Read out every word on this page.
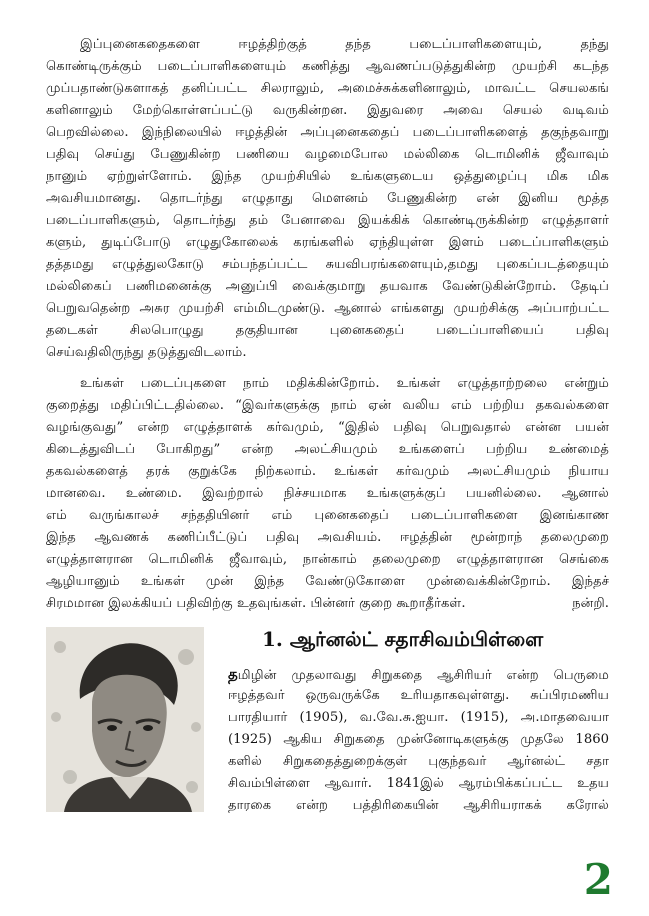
இப்புனைகதைகளை ஈழத்திற்குத் தந்த படைப்பாளிகளையும், தந்து
கொண்டிருக்கும் படைப்பாளிகளையும் கணித்து ஆவணப்படுத்துகின்ற முயற்சி கடந்த
முப்பதாண்டுகளாகத் தனிப்பட்ட சிலராலும், அமைச்சுக்களினாலும், மாவட்ட செயலகங்
களினாலும் மேற்கொள்ளப்பட்டு வருகின்றன. இதுவரை அவை செயல் வடிவம்
பெறவில்லை. இந்நிலையில் ஈழத்தின் அப்புனைகதைப் படைப்பாளிகளைத் தகுந்தவாறு
பதிவு செய்து பேணுகின்ற பணியை வழமைபோல மல்லிகை டொமினிக் ஜீவாவும்
நானும் ஏற்றுள்ளோம். இந்த முயற்சியில் உங்களுடைய ஒத்துழைப்பு மிக மிக
அவசியமானது. தொடர்ந்து எழுதாது மௌனம் பேணுகின்ற என் இனிய மூத்த
படைப்பாளிகளும், தொடர்ந்து தம் பேனாவை இயக்கிக் கொண்டிருக்கின்ற எழுத்தாளர்
களும், துடிப்போடு எழுதுகோலைக் கரங்களில் ஏந்தியுள்ள இளம் படைப்பாளிகளும்
தத்தமது எழுத்துலகோடு சம்பந்தப்பட்ட சுயவிபரங்களையும்,தமது புகைப்படத்தையும்
மல்லிகைப் பணிமனைக்கு அனுப்பி வைக்குமாறு தயவாக வேண்டுகின்றோம். தேடிப்
பெறுவதென்ற அசுர முயற்சி எம்மிடமுண்டு. ஆனால் எங்களது முயற்சிக்கு அப்பாற்பட்ட
தடைகள் சிலபொழுது தகுதியான புனைகதைப் படைப்பாளியைப் பதிவு
செய்வதிலிருந்து தடுத்துவிடலாம்.
உங்கள் படைப்புகளை நாம் மதிக்கின்றோம். உங்கள் எழுத்தாற்றலை என்றும்
குறைத்து மதிப்பிட்டதில்லை. “இவர்களுக்கு நாம் ஏன் வலிய எம் பற்றிய தகவல்களை
வழங்குவது” என்ற எழுத்தாளக் கர்வமும், “இதில் பதிவு பெறுவதால் என்ன பயன்
கிடைத்துவிடப் போகிறது” என்ற அலட்சியமும் உங்களைப் பற்றிய உண்மைத்
தகவல்களைத் தரக் குறுக்கே நிற்கலாம். உங்கள் கர்வமும் அலட்சியமும் நியாய
மானவை. உண்மை. இவற்றால் நிச்சயமாக உங்களுக்குப் பயனில்லை. ஆனால்
எம் வருங்காலச் சந்ததியினர் எம் புனைகதைப் படைப்பாளிகளை இனங்காண
இந்த ஆவணக் கணிப்பீட்டுப் பதிவு அவசியம். ஈழத்தின் மூன்றாந் தலைமுறை
எழுத்தாளரான டொமினிக் ஜீவாவும், நான்காம் தலைமுறை எழுத்தாளரான செங்கை
ஆழியானும் உங்கள் முன் இந்த வேண்டுகோளை முன்வைக்கின்றோம். இந்தச்
சிரமமான இலக்கியப் பதிவிற்கு உதவுங்கள். பின்னர் குறை கூறாதீர்கள்.	நன்றி.
1. ஆர்னல்ட் சதாசிவம்பிள்ளை
தமிழின் முதலாவது சிறுகதை ஆசிரியர் என்ற பெருமை
ஈழத்தவர் ஒருவருக்கே உரியதாகவுள்ளது. சுப்பிரமணிய
பாரதியார் (1905), வ.வே.சு.ஐயா. (1915), அ.மாதவையா
(1925) ஆகிய சிறுகதை முன்னோடிகளுக்கு முதலே 1860
களில் சிறுகதைத்துறைக்குள் புகுந்தவர் ஆர்னல்ட் சதா
சிவம்பிள்ளை ஆவார். 1841இல் ஆரம்பிக்கப்பட்ட உதய
தாரகை என்ற பத்திரிகையின் ஆசிரியராகக் கரோல்
2
